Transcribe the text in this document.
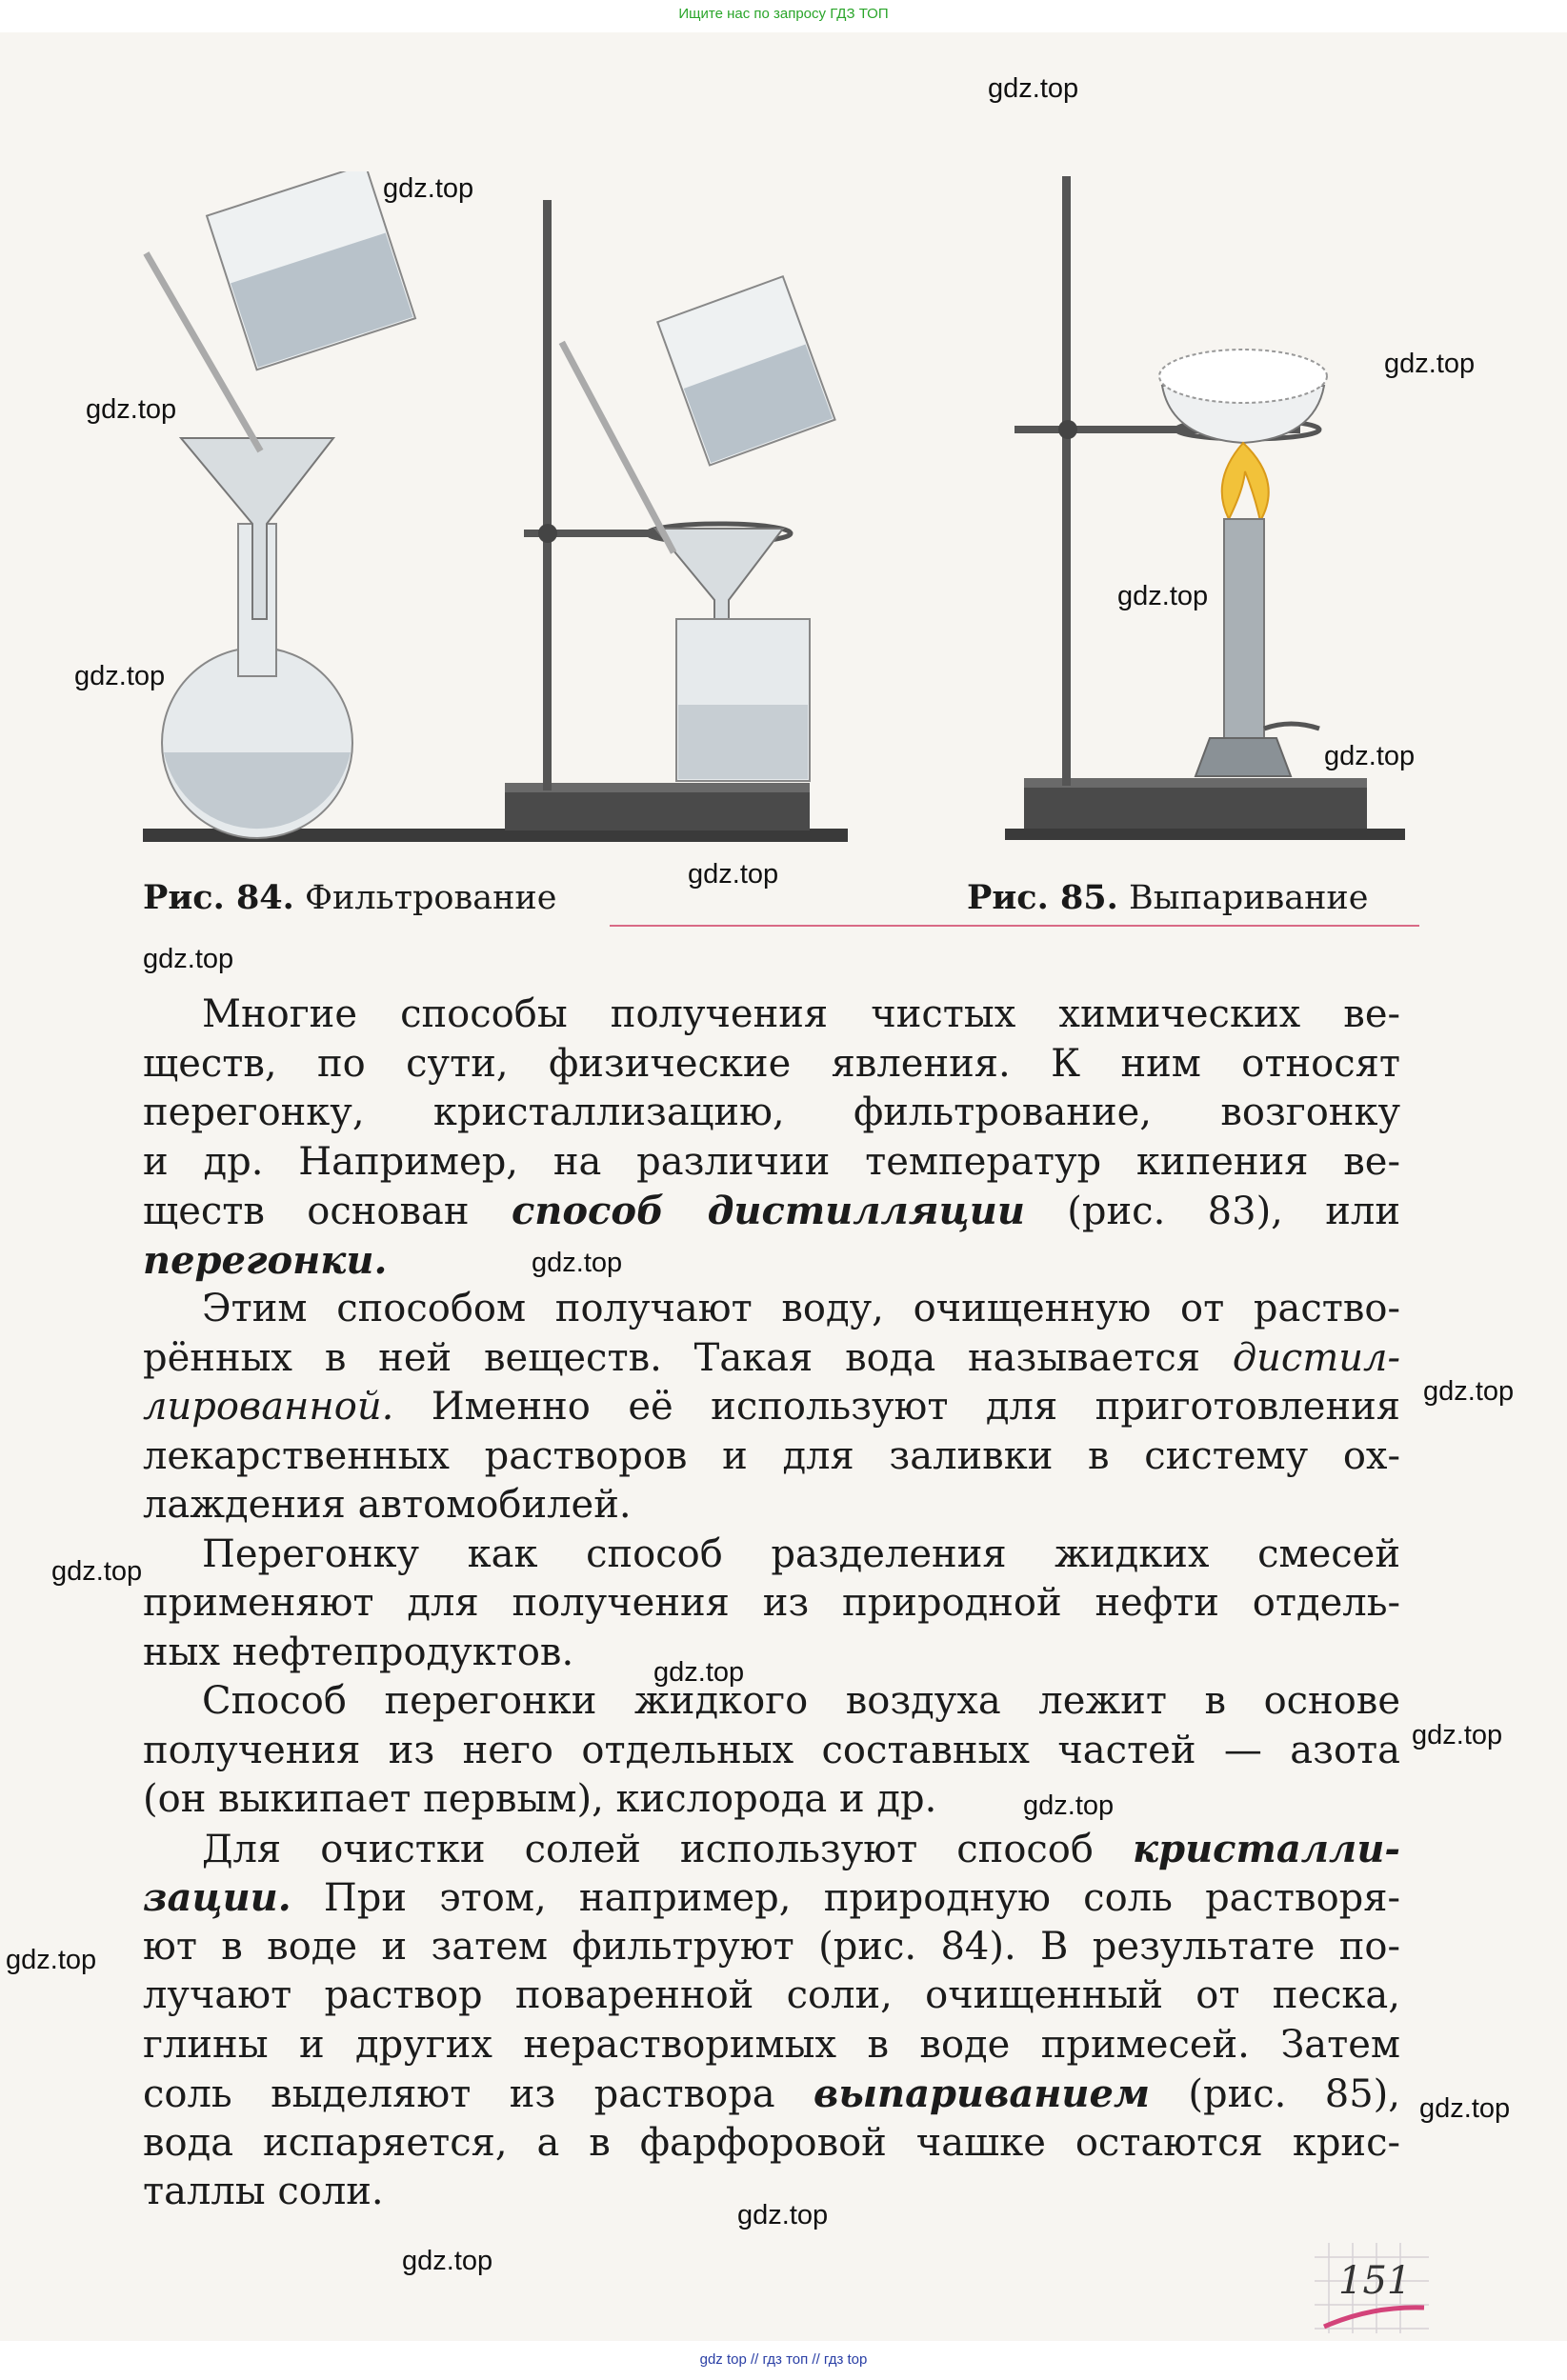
Ищите нас по запросу ГДЗ ТОП
Рис. 84. Фильтрование	Рис. 85. Выпаривание
Многие способы получения чистых химических ве-
ществ, по сути, физические явления. К ним относят
перегонку, кристаллизацию, фильтрование, возгонку
и др. Например, на различии температур кипения ве-
ществ основан способ дистилляции (рис. 83), или
перегонки.
Этим способом получают воду, очищенную от раство-
рённых в ней веществ. Такая вода называется дистил-
лированной. Именно её используют для приготовления
лекарственных растворов и для заливки в систему ох-
лаждения автомобилей.
Перегонку как способ разделения жидких смесей
применяют для получения из природной нефти отдель-
ных нефтепродуктов.
Способ перегонки жидкого воздуха лежит в основе
получения из него отдельных составных частей — азота
(он выкипает первым), кислорода и др.
Для очистки солей используют способ кристалли-
зации. При этом, например, природную соль растворя-
ют в воде и затем фильтруют (рис. 84). В результате по-
лучают раствор поваренной соли, очищенный от песка,
глины и других нерастворимых в воде примесей. Затем
соль выделяют из раствора выпариванием (рис. 85),
вода испаряется, а в фарфоровой чашке остаются крис-
таллы соли.
151
gdz.top
gdz.top
gdz.top
gdz.top
gdz.top
gdz.top
gdz.top
gdz.top
gdz.top
gdz.top
gdz.top
gdz.top
gdz.top
gdz.top
gdz.top
gdz.top
gdz.top
gdz.top
gdz.top
gdz top // гдз топ // гдз top
